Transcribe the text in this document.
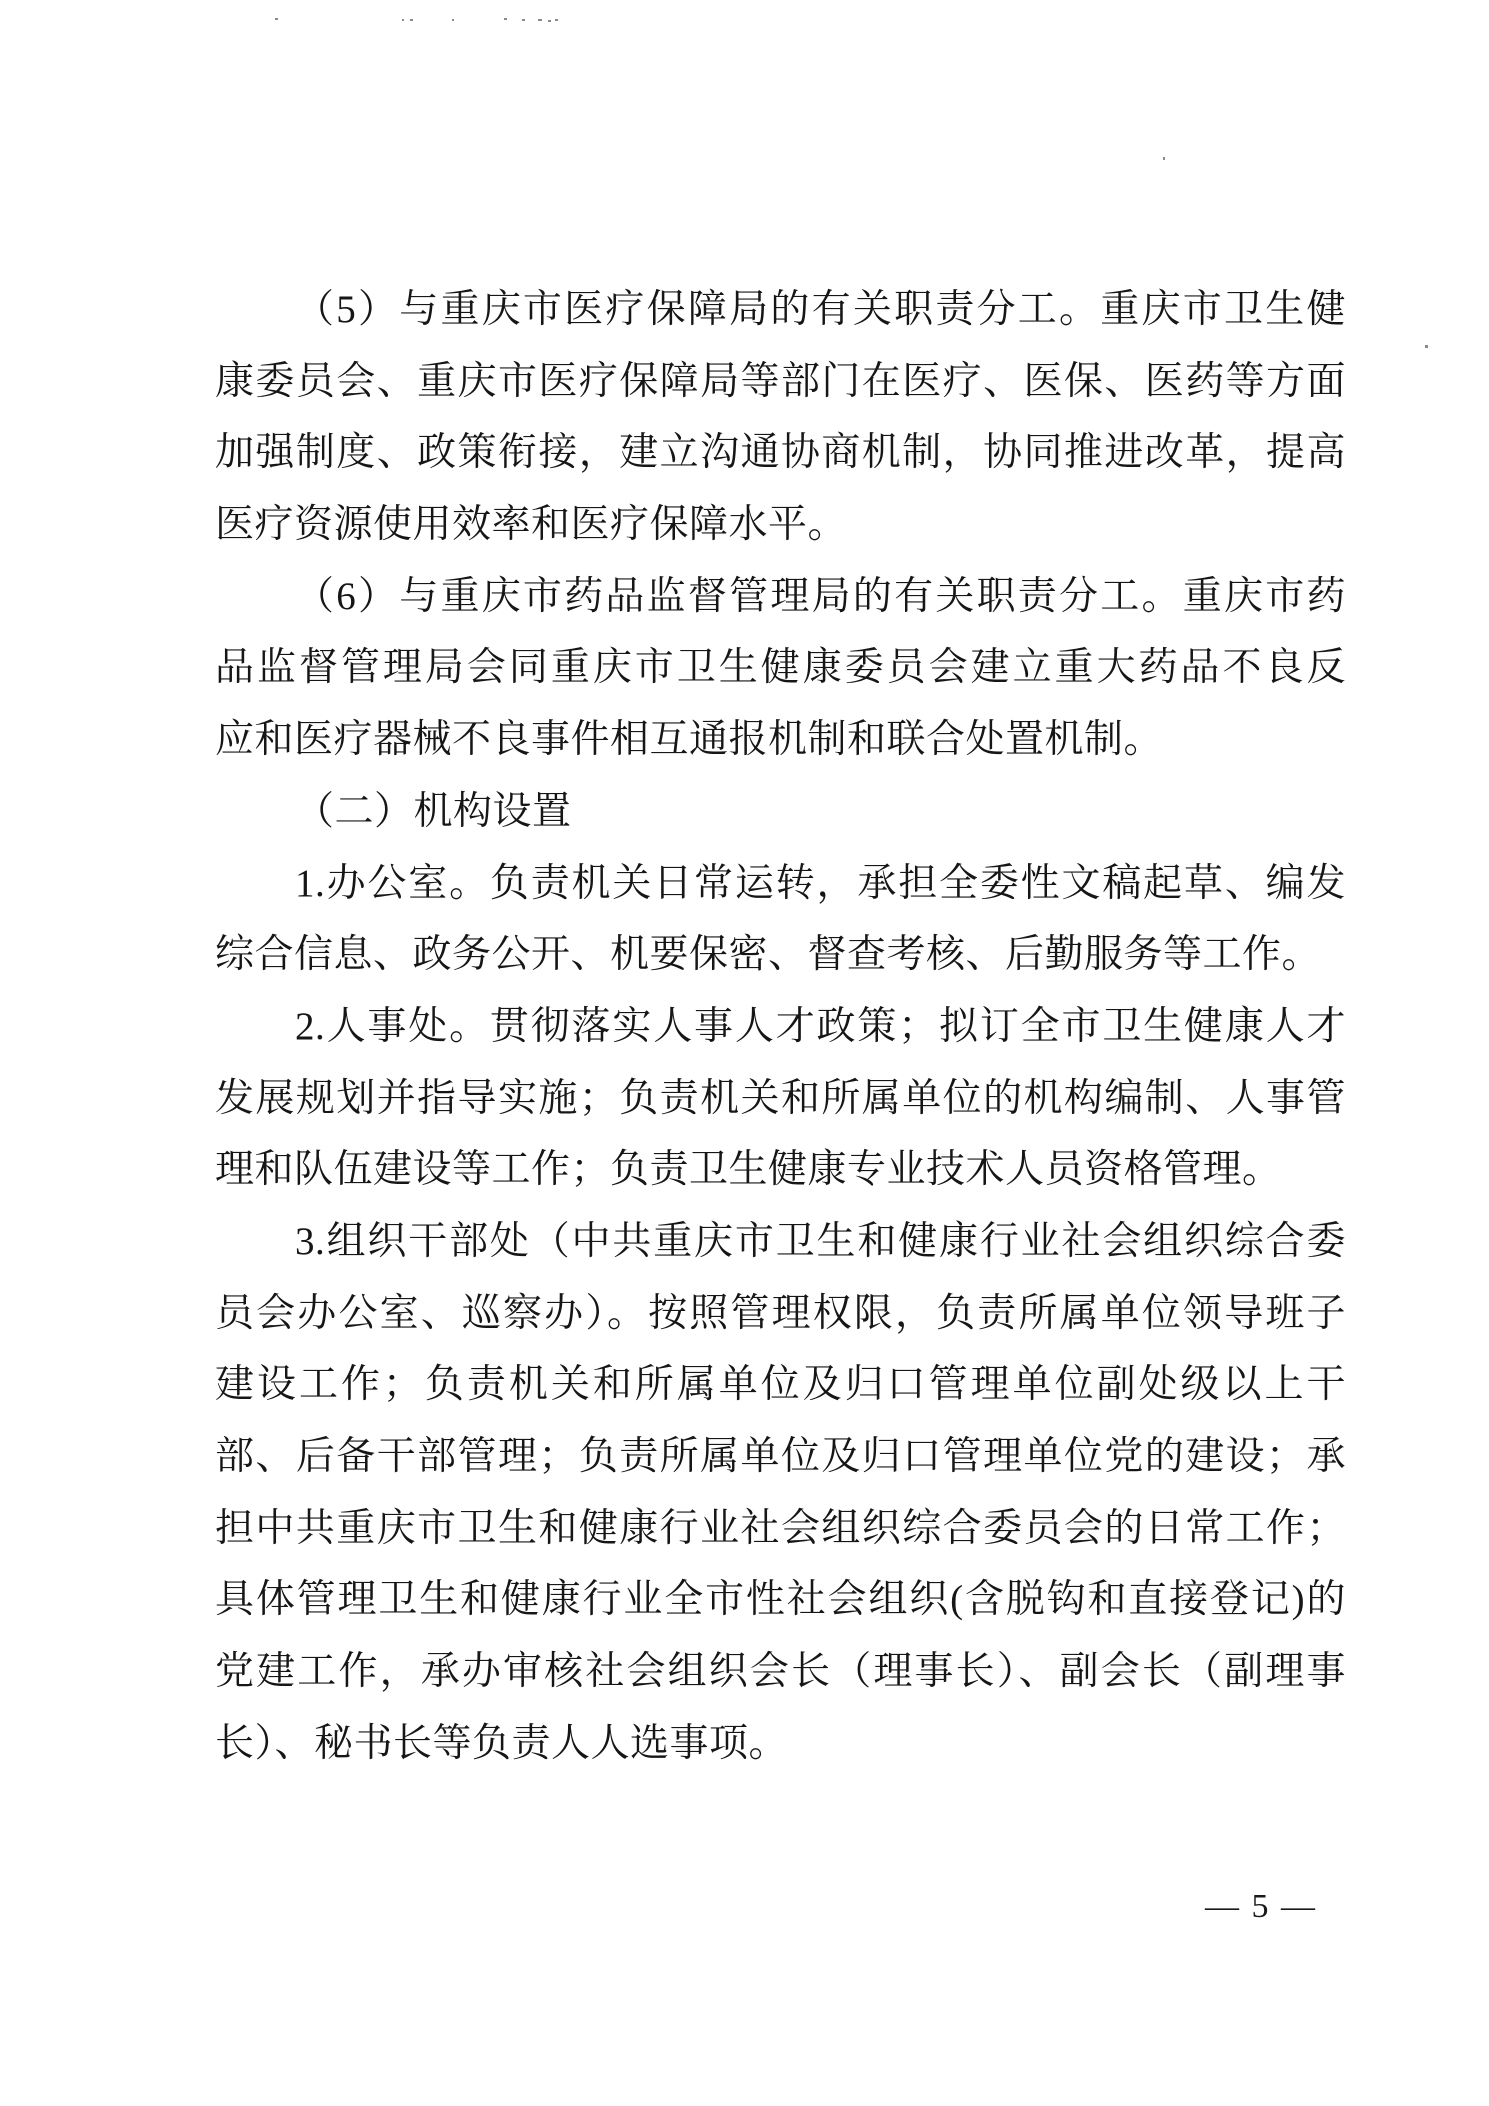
（5）与重庆市医疗保障局的有关职责分工。重庆市卫生健
康委员会、重庆市医疗保障局等部门在医疗、医保、医药等方面
加强制度、政策衔接，建立沟通协商机制，协同推进改革，提高
医疗资源使用效率和医疗保障水平。
（6）与重庆市药品监督管理局的有关职责分工。重庆市药
品监督管理局会同重庆市卫生健康委员会建立重大药品不良反
应和医疗器械不良事件相互通报机制和联合处置机制。
（二）机构设置
1.办公室。负责机关日常运转，承担全委性文稿起草、编发
综合信息、政务公开、机要保密、督查考核、后勤服务等工作。
2.人事处。贯彻落实人事人才政策；拟订全市卫生健康人才
发展规划并指导实施；负责机关和所属单位的机构编制、人事管
理和队伍建设等工作；负责卫生健康专业技术人员资格管理。
3.组织干部处（中共重庆市卫生和健康行业社会组织综合委
员会办公室、巡察办）。按照管理权限，负责所属单位领导班子
建设工作；负责机关和所属单位及归口管理单位副处级以上干
部、后备干部管理；负责所属单位及归口管理单位党的建设；承
担中共重庆市卫生和健康行业社会组织综合委员会的日常工作；
具体管理卫生和健康行业全市性社会组织(含脱钩和直接登记)的
党建工作，承办审核社会组织会长（理事长）、副会长（副理事
长）、秘书长等负责人人选事项。
— 5 —
